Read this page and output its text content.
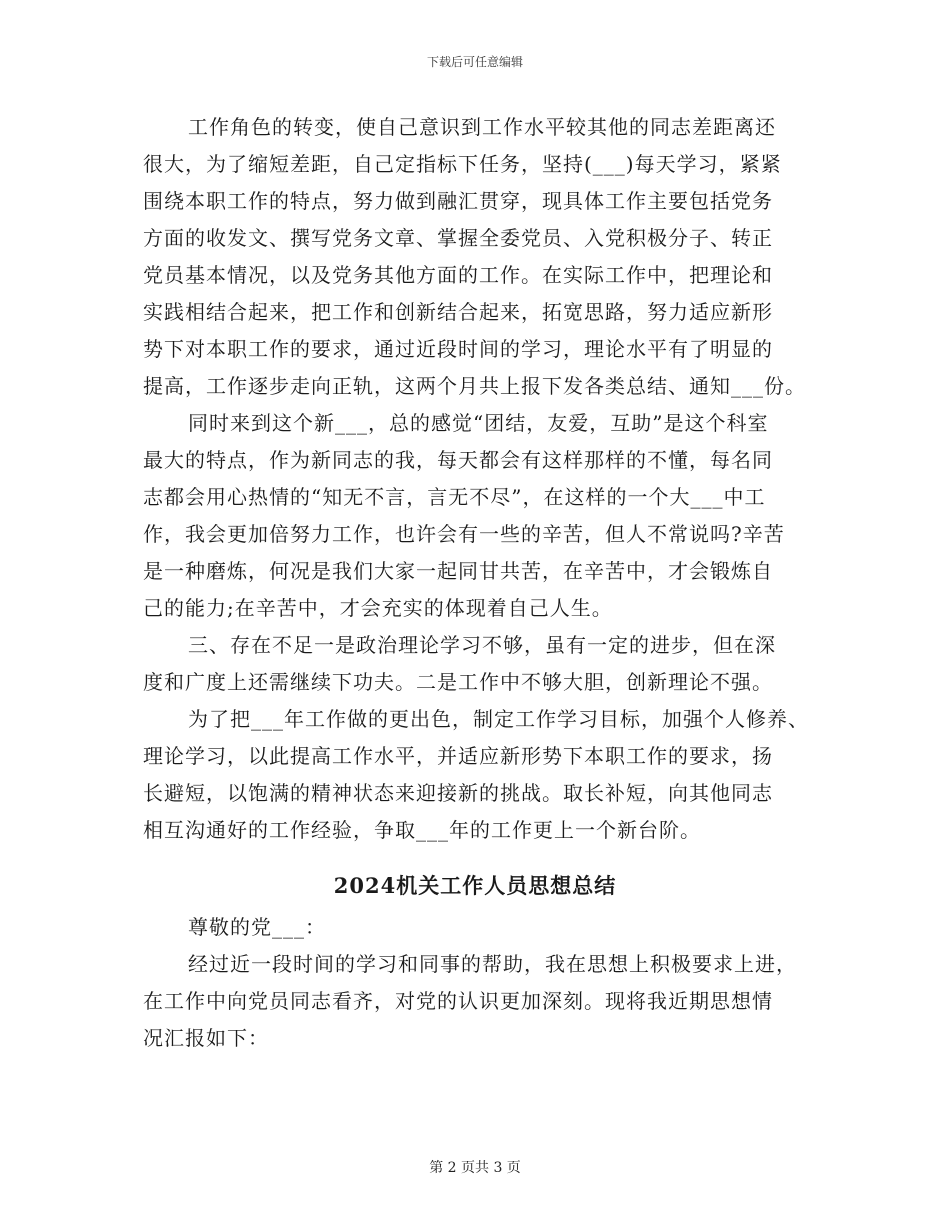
下载后可任意编辑
工作角色的转变，使自己意识到工作水平较其他的同志差距离还
很大，为了缩短差距，自己定指标下任务，坚持(___)每天学习，紧紧
围绕本职工作的特点，努力做到融汇贯穿，现具体工作主要包括党务
方面的收发文、撰写党务文章、掌握全委党员、入党积极分子、转正
党员基本情况，以及党务其他方面的工作。在实际工作中，把理论和
实践相结合起来，把工作和创新结合起来，拓宽思路，努力适应新形
势下对本职工作的要求，通过近段时间的学习，理论水平有了明显的
提高，工作逐步走向正轨，这两个月共上报下发各类总结、通知___份。
同时来到这个新___，总的感觉“团结，友爱，互助”是这个科室
最大的特点，作为新同志的我，每天都会有这样那样的不懂，每名同
志都会用心热情的“知无不言，言无不尽”，在这样的一个大___中工
作，我会更加倍努力工作，也许会有一些的辛苦，但人不常说吗?辛苦
是一种磨炼，何况是我们大家一起同甘共苦，在辛苦中，才会锻炼自
己的能力;在辛苦中，才会充实的体现着自己人生。
三、存在不足一是政治理论学习不够，虽有一定的进步，但在深
度和广度上还需继续下功夫。二是工作中不够大胆，创新理论不强。
为了把___年工作做的更出色，制定工作学习目标，加强个人修养、
理论学习，以此提高工作水平，并适应新形势下本职工作的要求，扬
长避短，以饱满的精神状态来迎接新的挑战。取长补短，向其他同志
相互沟通好的工作经验，争取___年的工作更上一个新台阶。
2024机关工作人员思想总结
尊敬的党___：
经过近一段时间的学习和同事的帮助，我在思想上积极要求上进，
在工作中向党员同志看齐，对党的认识更加深刻。现将我近期思想情
况汇报如下：
第 2 页共 3 页
